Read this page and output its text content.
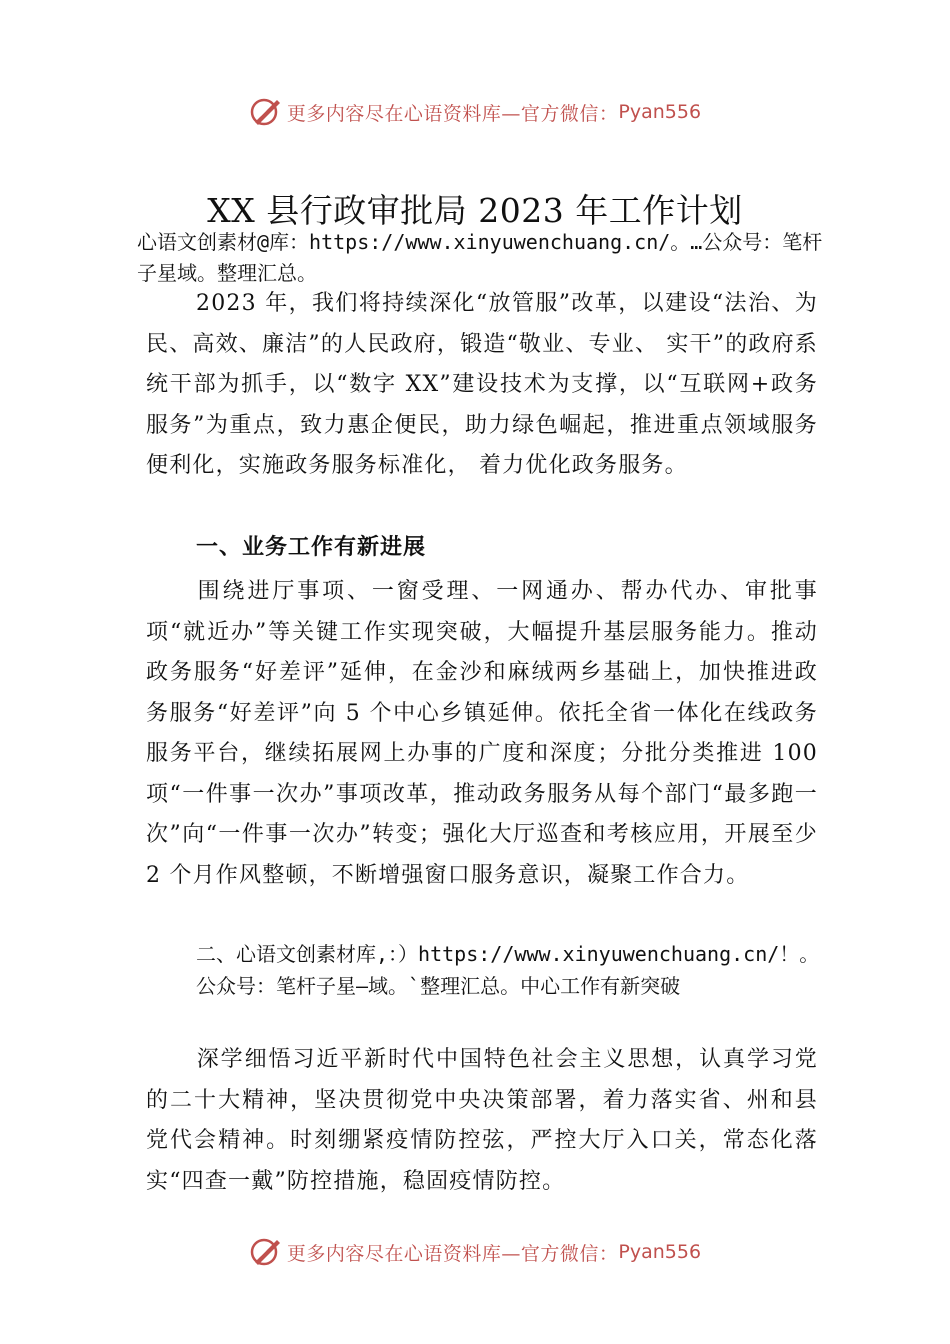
更多内容尽在心语资料库—官方微信： Pyan556
XX 县行政审批局 2023 年工作计划
心语文创素材@库：https://www.xinyuwenchuang.cn/。…公众号：笔杆子星域。整理汇总。
2023 年，我们将持续深化“放管服”改革，以建设“法治、为民、高效、廉洁”的人民政府，锻造“敬业、专业、 实干”的政府系统干部为抓手，以“数字 XX”建设技术为支撑，以“互联网+政务服务”为重点，致力惠企便民，助力绿色崛起，推进重点领域服务便利化，实施政务服务标准化， 着力优化政务服务。
一、业务工作有新进展
围绕进厅事项、一窗受理、一网通办、帮办代办、审批事项“就近办”等关键工作实现突破，大幅提升基层服务能力。推动政务服务“好差评”延伸，在金沙和麻绒两乡基础上，加快推进政务服务“好差评”向 5 个中心乡镇延伸。依托全省一体化在线政务服务平台，继续拓展网上办事的广度和深度；分批分类推进 100 项“一件事一次办”事项改革，推动政务服务从每个部门“最多跑一次”向“一件事一次办”转变；强化大厅巡查和考核应用，开展至少 2 个月作风整顿，不断增强窗口服务意识，凝聚工作合力。
二、心语文创素材库,：）https://www.xinyuwenchuang.cn/！。公众号：笔杆子星—域。`整理汇总。中心工作有新突破
深学细悟习近平新时代中国特色社会主义思想，认真学习党的二十大精神，坚决贯彻党中央决策部署，着力落实省、州和县党代会精神。时刻绷紧疫情防控弦，严控大厅入口关，常态化落实“四查一戴”防控措施，稳固疫情防控。
更多内容尽在心语资料库—官方微信： Pyan556
